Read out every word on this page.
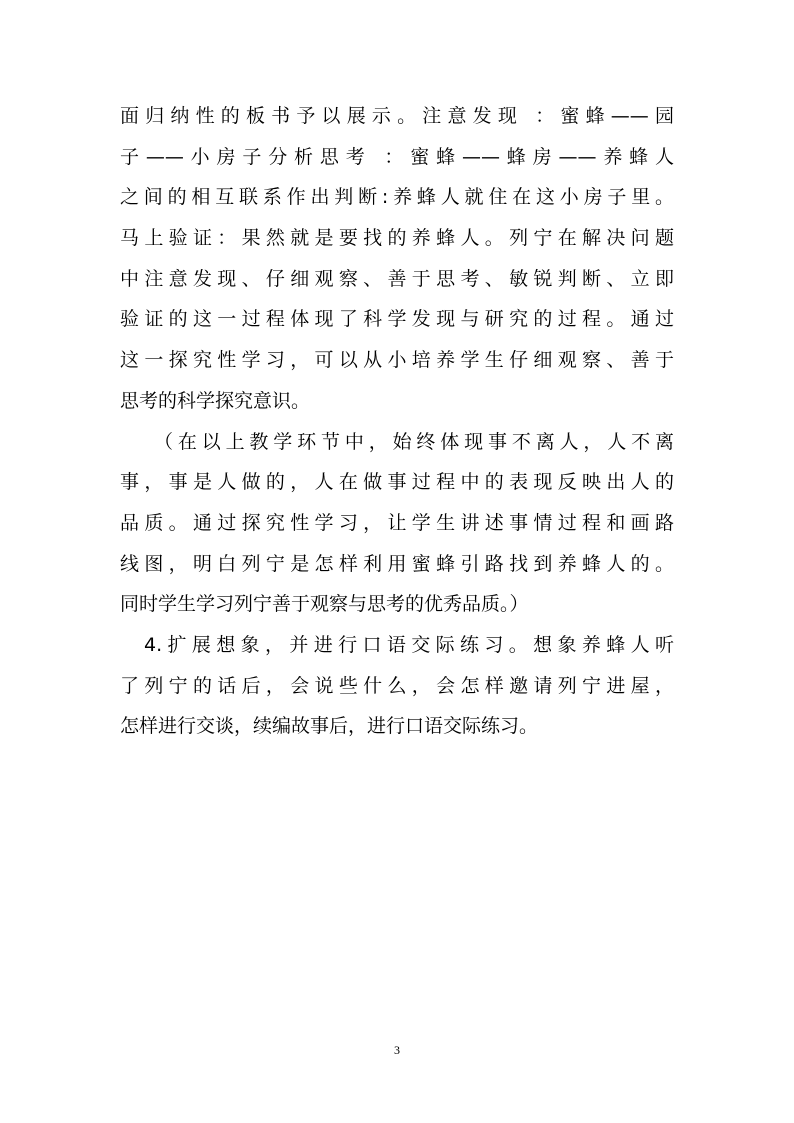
面归纳性的板书予以展示。注意发现 ：蜜蜂——园
子——小房子分析思考 ：蜜蜂——蜂房——养蜂人
之间的相互联系作出判断:养蜂人就住在这小房子里。
马上验证：果然就是要找的养蜂人。列宁在解决问题
中注意发现、仔细观察、善于思考、敏锐判断、立即
验证的这一过程体现了科学发现与研究的过程。通过
这一探究性学习，可以从小培养学生仔细观察、善于
思考的科学探究意识。
（在以上教学环节中，始终体现事不离人，人不离
事，事是人做的，人在做事过程中的表现反映出人的
品质。通过探究性学习，让学生讲述事情过程和画路
线图，明白列宁是怎样利用蜜蜂引路找到养蜂人的。
同时学生学习列宁善于观察与思考的优秀品质。）
4.扩展想象，并进行口语交际练习。想象养蜂人听
了列宁的话后，会说些什么，会怎样邀请列宁进屋，
怎样进行交谈，续编故事后，进行口语交际练习。
3
